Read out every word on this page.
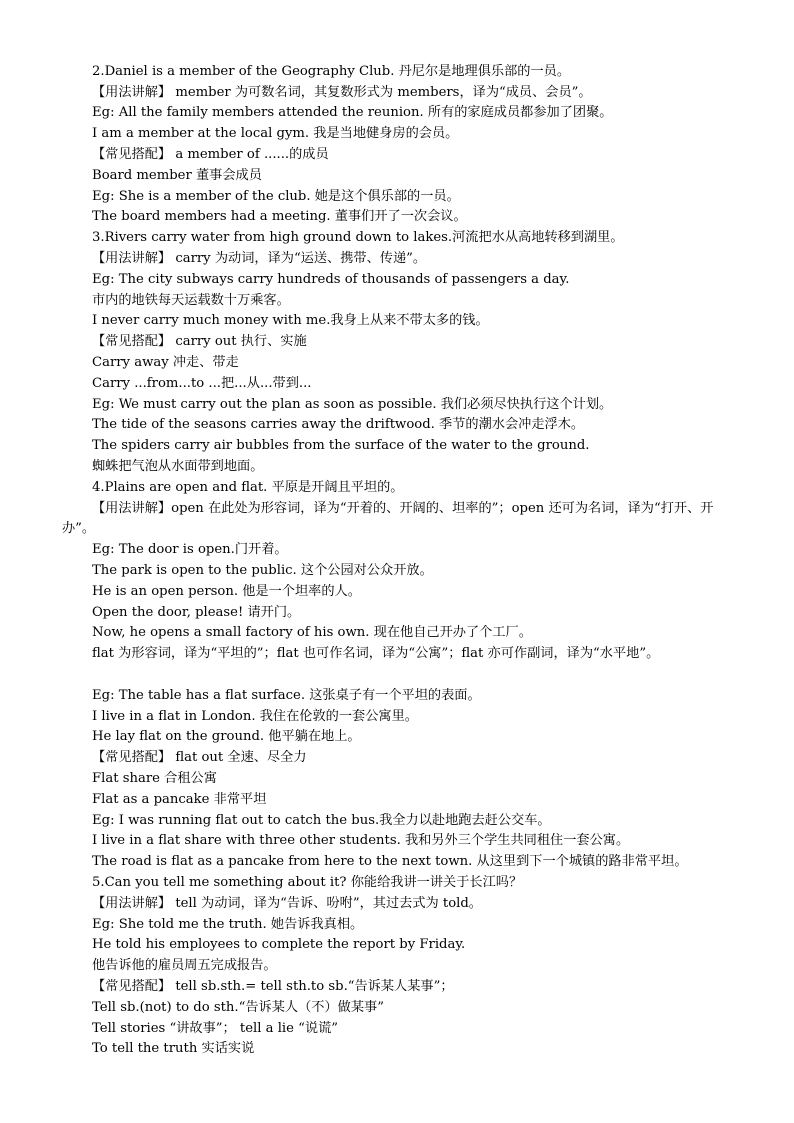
2.Daniel is a member of the Geography Club. 丹尼尔是地理俱乐部的一员。
【用法讲解】 member 为可数名词，其复数形式为 members，译为“成员、会员”。
Eg: All the family members attended the reunion. 所有的家庭成员都参加了团聚。
I am a member at the local gym. 我是当地健身房的会员。
【常见搭配】 a member of ......的成员
Board member 董事会成员
Eg: She is a member of the club. 她是这个俱乐部的一员。
The board members had a meeting. 董事们开了一次会议。
3.Rivers carry water from high ground down to lakes.河流把水从高地转移到湖里。
【用法讲解】 carry 为动词，译为“运送、携带、传递”。
Eg: The city subways carry hundreds of thousands of passengers a day.
市内的地铁每天运载数十万乘客。
I never carry much money with me.我身上从来不带太多的钱。
【常见搭配】 carry out 执行、实施
Carry away 冲走、带走
Carry ...from...to ...把...从...带到...
Eg: We must carry out the plan as soon as possible. 我们必须尽快执行这个计划。
The tide of the seasons carries away the driftwood. 季节的潮水会冲走浮木。
The spiders carry air bubbles from the surface of the water to the ground.
蜘蛛把气泡从水面带到地面。
4.Plains are open and flat. 平原是开阔且平坦的。
【用法讲解】open 在此处为形容词，译为“开着的、开阔的、坦率的”；open 还可为名词，译为“打开、开办”。
Eg: The door is open.门开着。
The park is open to the public. 这个公园对公众开放。
He is an open person. 他是一个坦率的人。
Open the door, please! 请开门。
Now, he opens a small factory of his own. 现在他自己开办了个工厂。
flat 为形容词，译为“平坦的”；flat 也可作名词，译为“公寓”；flat 亦可作副词，译为“水平地”。
Eg: The table has a flat surface. 这张桌子有一个平坦的表面。
I live in a flat in London. 我住在伦敦的一套公寓里。
He lay flat on the ground. 他平躺在地上。
【常见搭配】 flat out 全速、尽全力
Flat share 合租公寓
Flat as a pancake 非常平坦
Eg: I was running flat out to catch the bus.我全力以赴地跑去赶公交车。
I live in a flat share with three other students. 我和另外三个学生共同租住一套公寓。
The road is flat as a pancake from here to the next town. 从这里到下一个城镇的路非常平坦。
5.Can you tell me something about it? 你能给我讲一讲关于长江吗？
【用法讲解】 tell 为动词，译为“告诉、吩咐”，其过去式为 told。
Eg: She told me the truth. 她告诉我真相。
He told his employees to complete the report by Friday.
他告诉他的雇员周五完成报告。
【常见搭配】 tell sb.sth.= tell sth.to sb.“告诉某人某事”；
Tell sb.(not) to do sth.“告诉某人（不）做某事”
Tell stories “讲故事”； tell a lie “说谎”
To tell the truth 实话实说
